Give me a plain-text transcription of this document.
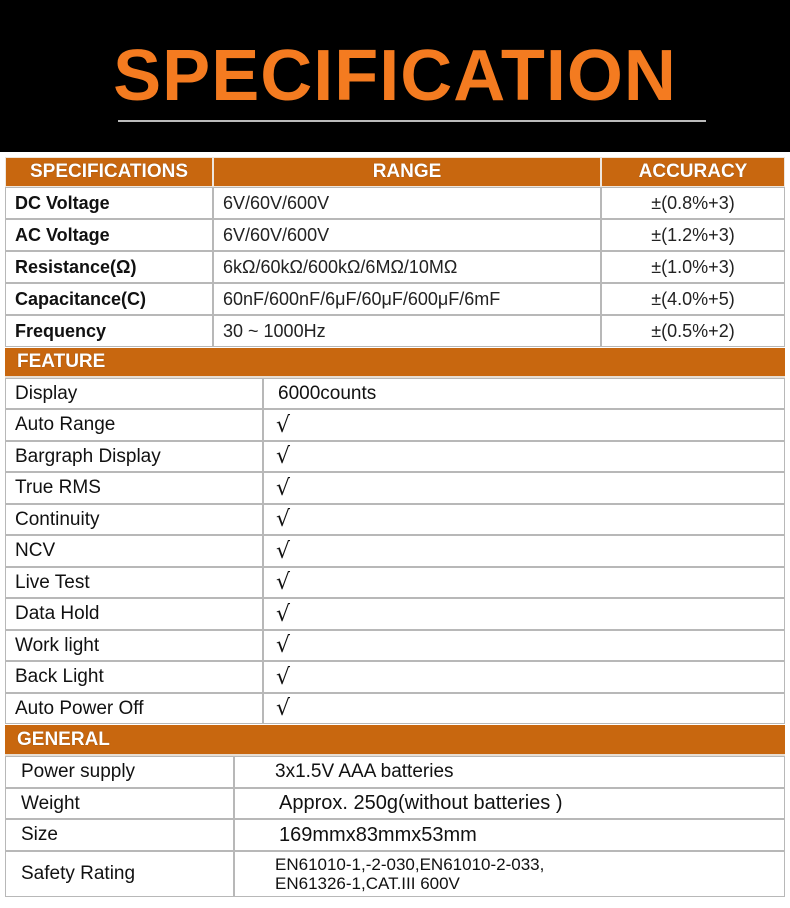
SPECIFICATION
SPECIFICATIONS	RANGE	ACCURACY
DC Voltage	6V/60V/600V	±(0.8%+3)
AC Voltage	6V/60V/600V	±(1.2%+3)
Resistance(Ω)	6kΩ/60kΩ/600kΩ/6MΩ/10MΩ	±(1.0%+3)
Capacitance(C)	60nF/600nF/6μF/60μF/600μF/6mF	±(4.0%+5)
Frequency	30 ~ 1000Hz	±(0.5%+2)
FEATURE
Display	6000counts
Auto Range	√
Bargraph Display	√
True RMS	√
Continuity	√
NCV	√
Live Test	√
Data Hold	√
Work light	√
Back Light	√
Auto Power Off	√
GENERAL
Power supply	3x1.5V AAA batteries
Weight	Approx. 250g(without batteries )
Size	169mmx83mmx53mm
Safety Rating	EN61010-1,-2-030,EN61010-2-033,
EN61326-1,CAT.III 600V
